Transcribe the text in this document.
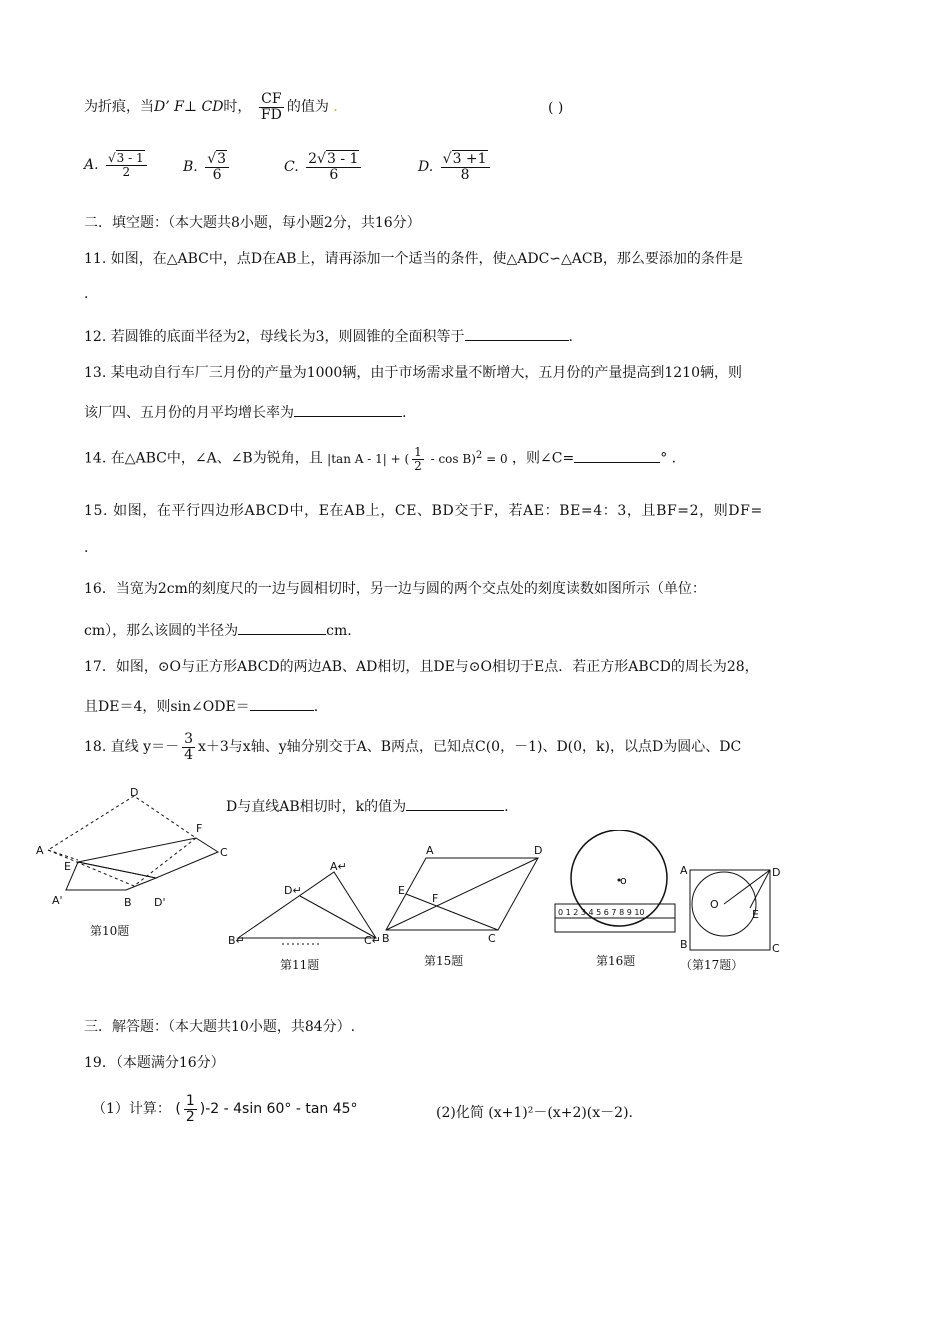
为折痕，当D’ F⊥ CD时， $\frac{CF}{FD}$ 的值为 .	( )
A. $\frac{√3 - 1}{2}$	B. $\frac{√3}{6}$	C. $\frac{2√3 - 1}{6}$	D. $\frac{√3 +1}{8}$
二．填空题：（本大题共8小题，每小题2分，共16分）
11. 如图，在△ABC中，点D在AB上，请再添加一个适当的条件，使△ADC∽△ACB，那么要添加的条件是
.
12. 若圆锥的底面半径为2，母线长为3，则圆锥的全面积等于	.
13. 某电动自行车厂三月份的产量为1000辆，由于市场需求量不断增大，五月份的产量提高到1210辆，则
该厂四、五月份的月平均增长率为	.
14. 在△ABC中，∠A、∠B为锐角，且 |tan A - 1| + ( $\frac{1}{2} - \cos B)^2 = 0$ ，则∠C=	° .
15. 如图，在平行四边形ABCD中，E在AB上，CE、BD交于F，若AE：BE=4：3，且BF=2，则DF=
.
16．当宽为2cm的刻度尺的一边与圆相切时，另一边与圆的两个交点处的刻度读数如图所示（单位：
cm），那么该圆的半径为	cm.
17．如图，⊙O与正方形ABCD的两边AB、AD相切，且DE与⊙O相切于E点．若正方形ABCD的周长为28，
且DE＝4，则sin∠ODE＝	.
18. 直线 $y=- \frac{3}{4} x+3$与x轴、y轴分别交于A、B两点，已知点C(0，－1)、D(0，k)，以点D为圆心、DC
D与直线AB相切时，k的值为	.
D
A
F
C
E
A'	B D'
第10题
A↵
D↵
B↵	C↵
第11题
A	D
E
F
B	C
第15题
o
0 1 2 3 4 5 6 7 8 9 10
第16题
A	D
O
E
B	C
（第17题）
三．解答题：（本大题共10小题，共84分）.
19．（本题满分16分）
（1）计算： ( $\frac{1}{2} )-2 - 4\sin$ 60° - tan 45°	(2)化简 (x+1)²－(x+2)(x－2).
